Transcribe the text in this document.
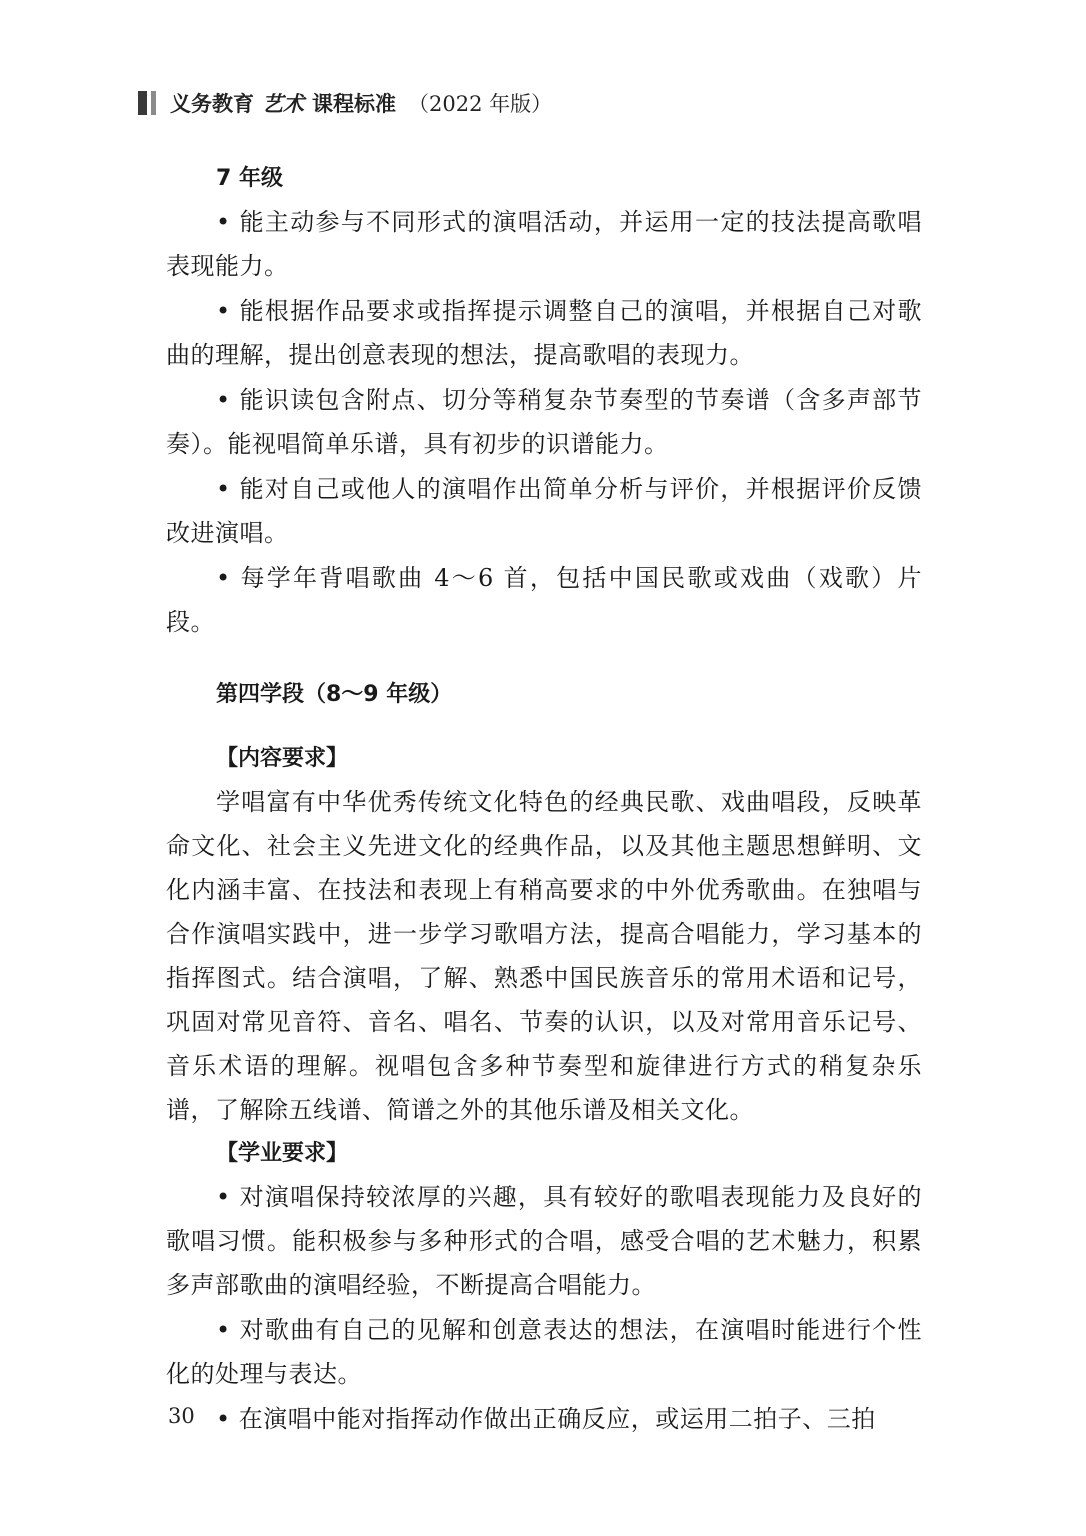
义务教育 艺术 课程标准 （2022 年版）
7 年级

• 能主动参与不同形式的演唱活动，并运用一定的技法提高歌唱表现能力。

• 能根据作品要求或指挥提示调整自己的演唱，并根据自己对歌曲的理解，提出创意表现的想法，提高歌唱的表现力。

• 能识读包含附点、切分等稍复杂节奏型的节奏谱（含多声部节奏）。能视唱简单乐谱，具有初步的识谱能力。

• 能对自己或他人的演唱作出简单分析与评价，并根据评价反馈改进演唱。

• 每学年背唱歌曲 4～6 首，包括中国民歌或戏曲（戏歌）片段。

第四学段（8～9 年级）
【内容要求】

学唱富有中华优秀传统文化特色的经典民歌、戏曲唱段，反映革命文化、社会主义先进文化的经典作品，以及其他主题思想鲜明、文化内涵丰富、在技法和表现上有稍高要求的中外优秀歌曲。在独唱与合作演唱实践中，进一步学习歌唱方法，提高合唱能力，学习基本的指挥图式。结合演唱，了解、熟悉中国民族音乐的常用术语和记号，巩固对常见音符、音名、唱名、节奏的认识，以及对常用音乐记号、音乐术语的理解。视唱包含多种节奏型和旋律进行方式的稍复杂乐谱，了解除五线谱、简谱之外的其他乐谱及相关文化。

【学业要求】

• 对演唱保持较浓厚的兴趣，具有较好的歌唱表现能力及良好的歌唱习惯。能积极参与多种形式的合唱，感受合唱的艺术魅力，积累多声部歌曲的演唱经验，不断提高合唱能力。

• 对歌曲有自己的见解和创意表达的想法，在演唱时能进行个性化的处理与表达。

• 在演唱中能对指挥动作做出正确反应，或运用二拍子、三拍

30
